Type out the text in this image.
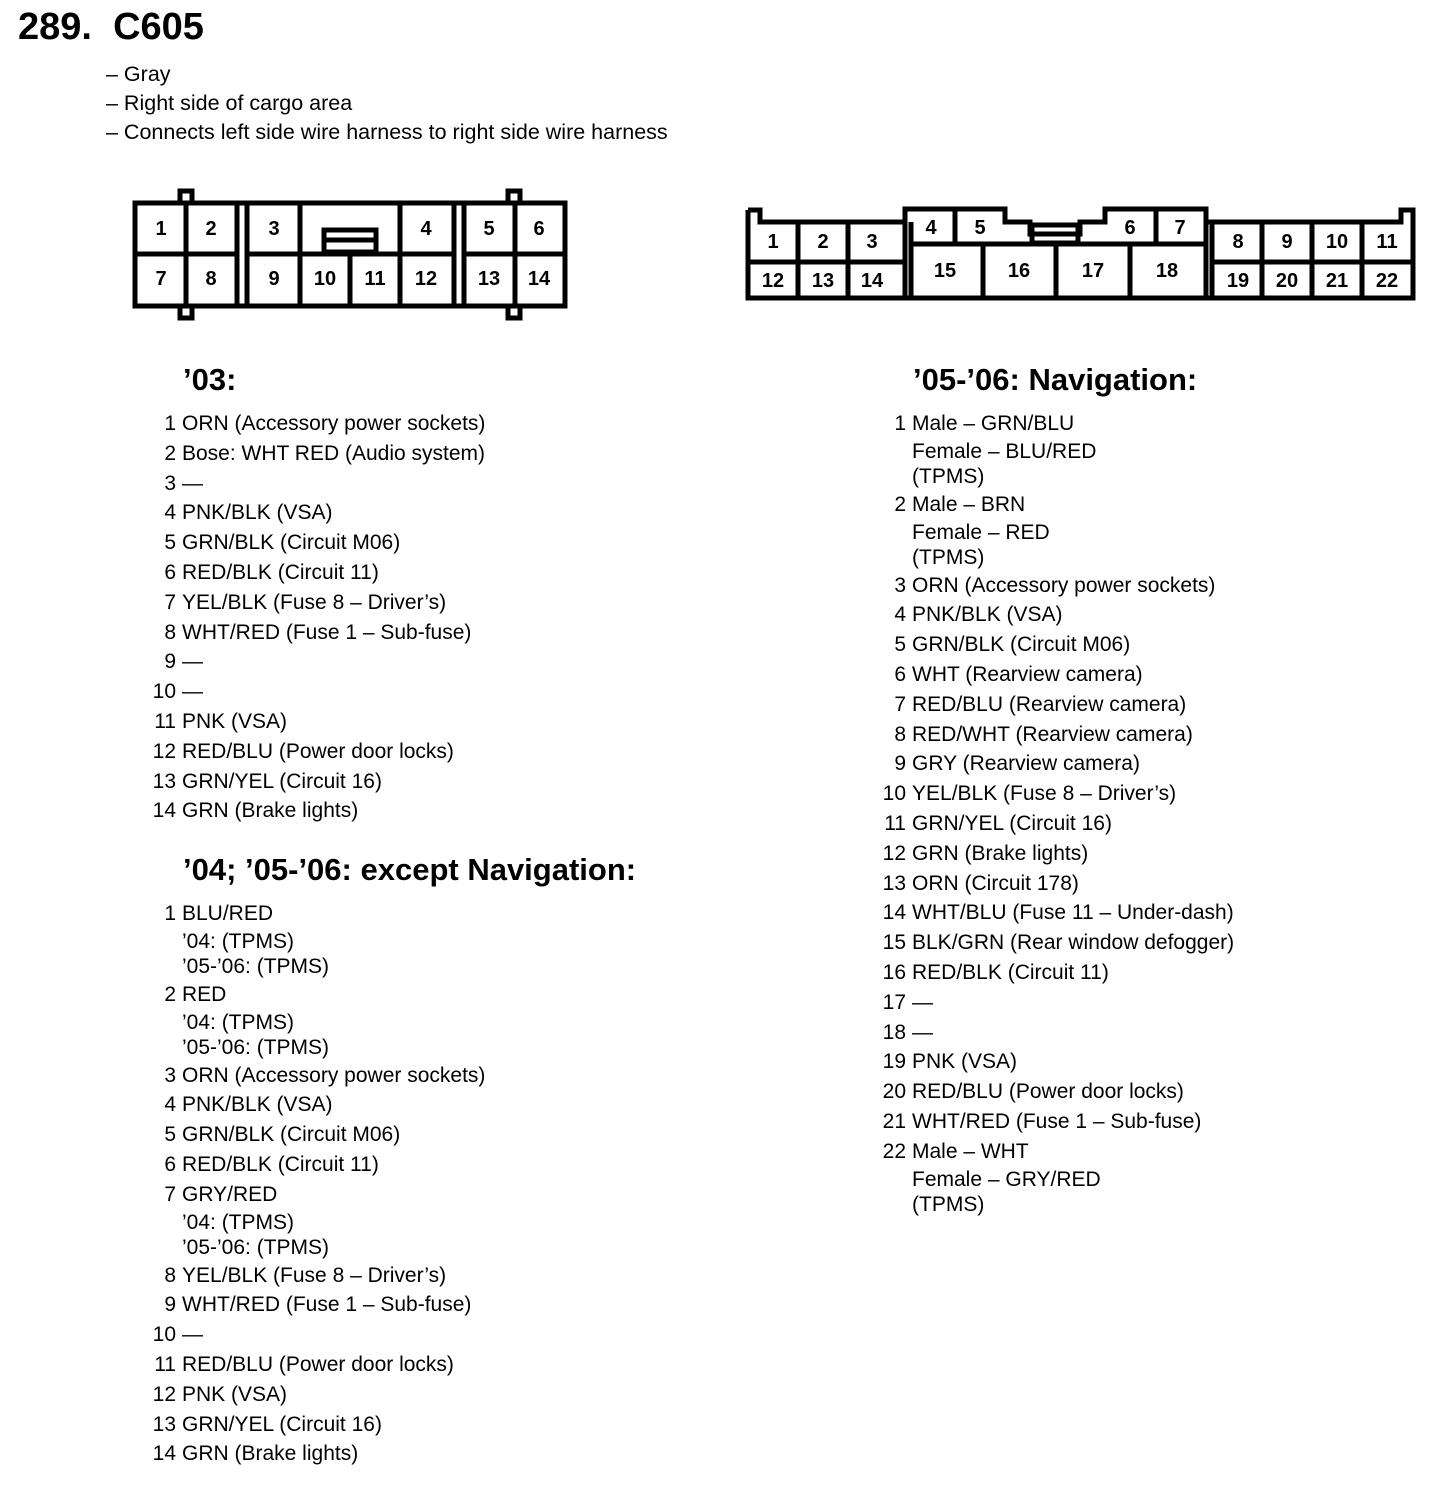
289.  C605
– Gray
– Right side of cargo area
– Connects left side wire harness to right side wire harness
1 2	3	4	5 6
7 8	9 10 11 12 13 14
1 2 3
4 5	6 7
8 9 10 11
12 13 14	15	16	17	18 19 20 21 22
’03:
’04; ’05-’06: except Navigation:
’05-’06: Navigation:
1 ORN (Accessory power sockets)
2 Bose: WHT RED (Audio system)
3 —
4 PNK/BLK (VSA)
5 GRN/BLK (Circuit M06)
6 RED/BLK (Circuit 11)
7 YEL/BLK (Fuse 8 – Driver’s)
8 WHT/RED (Fuse 1 – Sub-fuse)
9 —
10 —
11 PNK (VSA)
12 RED/BLU (Power door locks)
13 GRN/YEL (Circuit 16)
14 GRN (Brake lights)
1 BLU/RED
’04: (TPMS)
’05-’06: (TPMS)
2 RED
’04: (TPMS)
’05-’06: (TPMS)
3 ORN (Accessory power sockets)
4 PNK/BLK (VSA)
5 GRN/BLK (Circuit M06)
6 RED/BLK (Circuit 11)
7 GRY/RED
’04: (TPMS)
’05-’06: (TPMS)
8 YEL/BLK (Fuse 8 – Driver’s)
9 WHT/RED (Fuse 1 – Sub-fuse)
10 —
11 RED/BLU (Power door locks)
12 PNK (VSA)
13 GRN/YEL (Circuit 16)
14 GRN (Brake lights)
1 Male – GRN/BLU
Female – BLU/RED
(TPMS)
2 Male – BRN
Female – RED
(TPMS)
3 ORN (Accessory power sockets)
4 PNK/BLK (VSA)
5 GRN/BLK (Circuit M06)
6 WHT (Rearview camera)
7 RED/BLU (Rearview camera)
8 RED/WHT (Rearview camera)
9 GRY (Rearview camera)
10 YEL/BLK (Fuse 8 – Driver’s)
11 GRN/YEL (Circuit 16)
12 GRN (Brake lights)
13 ORN (Circuit 178)
14 WHT/BLU (Fuse 11 – Under-dash)
15 BLK/GRN (Rear window defogger)
16 RED/BLK (Circuit 11)
17 —
18 —
19 PNK (VSA)
20 RED/BLU (Power door locks)
21 WHT/RED (Fuse 1 – Sub-fuse)
22 Male – WHT
Female – GRY/RED
(TPMS)
